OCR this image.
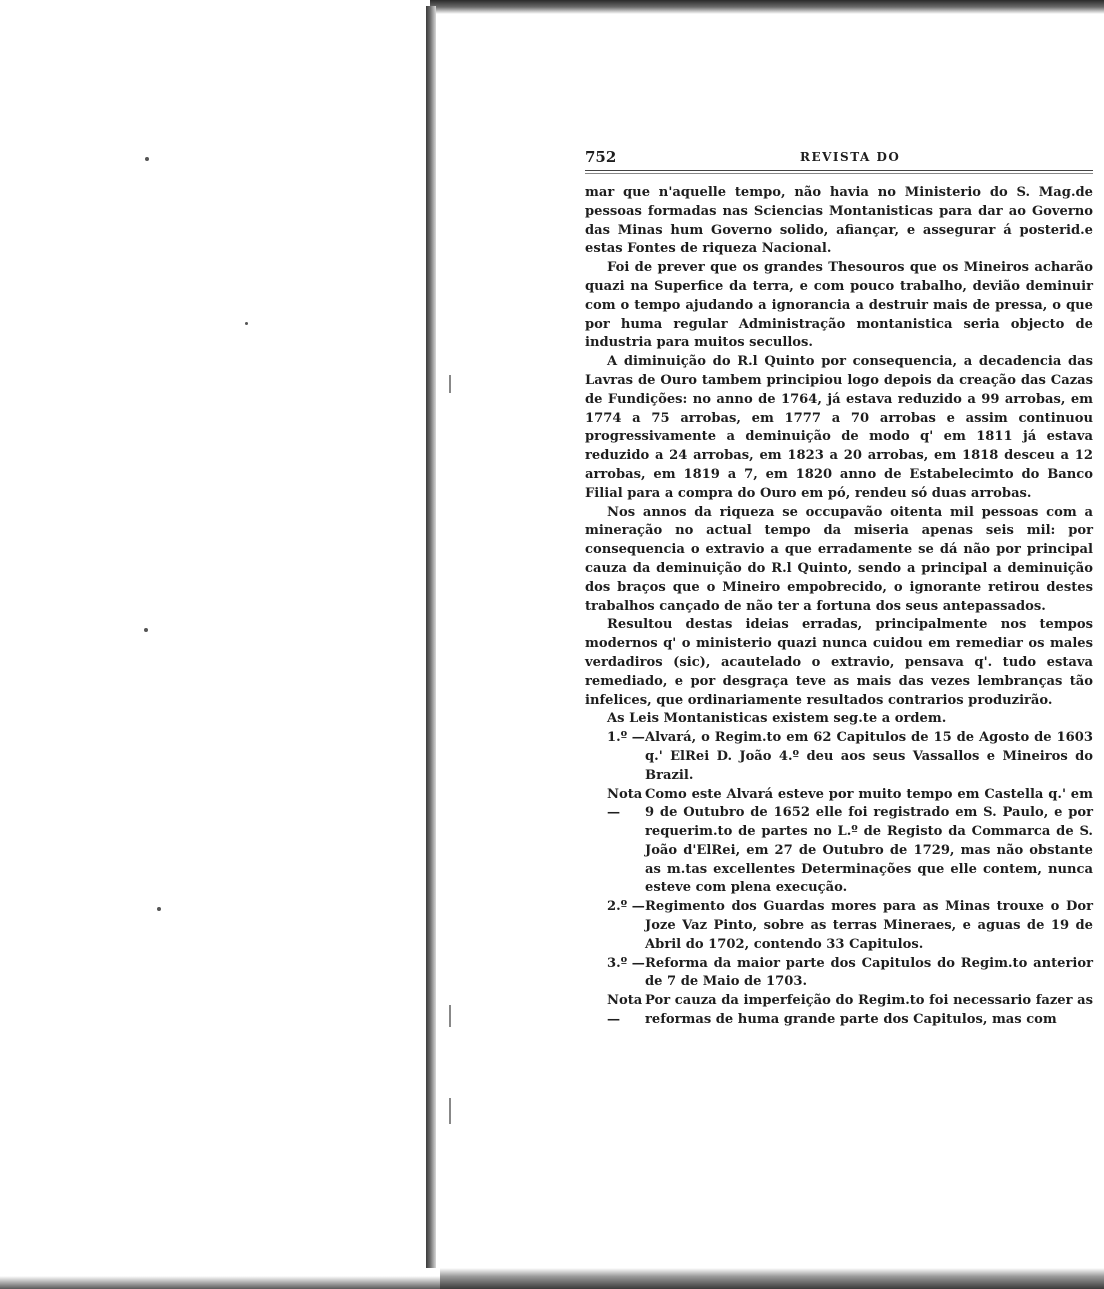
752	REVISTA DO

mar que n'aquelle tempo, não havia no Ministerio do S. Mag.de pessoas formadas nas Sciencias Montanisticas para dar ao Governo das Minas hum Governo solido, afiançar, e assegurar á posterid.e estas Fontes de riqueza Nacional.

Foi de prever que os grandes Thesouros que os Mineiros acharão quazi na Superfice da terra, e com pouco trabalho, devião deminuir com o tempo ajudando a ignorancia a destruir mais de pressa, o que por huma regular Administração montanistica seria objecto de industria para muitos secullos.

A diminuição do R.l Quinto por consequencia, a decadencia das Lavras de Ouro tambem principiou logo depois da creação das Cazas de Fundições: no anno de 1764, já estava reduzido a 99 arrobas, em 1774 a 75 arrobas, em 1777 a 70 arrobas e assim continuou progressivamente a deminuição de modo q' em 1811 já estava reduzido a 24 arrobas, em 1823 a 20 arrobas, em 1818 desceu a 12 arrobas, em 1819 a 7, em 1820 anno de Estabelecimto do Banco Filial para a compra do Ouro em pó, rendeu só duas arrobas.

Nos annos da riqueza se occupavão oitenta mil pessoas com a mineração no actual tempo da miseria apenas seis mil: por consequencia o extravio a que erradamente se dá não por principal cauza da deminuição do R.l Quinto, sendo a principal a deminuição dos braços que o Mineiro empobrecido, o ignorante retirou destes trabalhos cançado de não ter a fortuna dos seus antepassados.

Resultou destas ideias erradas, principalmente nos tempos modernos q' o ministerio quazi nunca cuidou em remediar os males verdadiros (sic), acautelado o extravio, pensava q'. tudo estava remediado, e por desgraça teve as mais das vezes lembranças tão infelices, que ordinariamente resultados contrarios produzirão.

As Leis Montanisticas existem seg.te a ordem.

1.º — Alvará, o Regim.to em 62 Capitulos de 15 de Agosto de 1603 q.' ElRei D. João 4.º deu aos seus Vassallos e Mineiros do Brazil.
Nota —
Como este Alvará esteve por muito tempo em Castella q.' em 9 de Outubro de 1652 elle foi registrado em S. Paulo, e por requerim.to de partes no L.º de Registo da Commarca de S. João d'ElRei, em 27 de Outubro de 1729, mas não obstante as m.tas excellentes Determinações que elle contem, nunca esteve com plena execução.
2.º — Regimento dos Guardas mores para as Minas trouxe o Dor Joze Vaz Pinto, sobre as terras Mineraes, e aguas de 19 de Abril do 1702, contendo 33 Capitulos.
3.º — Reforma da maior parte dos Capitulos do Regim.to anterior de 7 de Maio de 1703.
Nota —
Por cauza da imperfeição do Regim.to foi necessario fazer as reformas de huma grande parte dos Capitulos, mas com
